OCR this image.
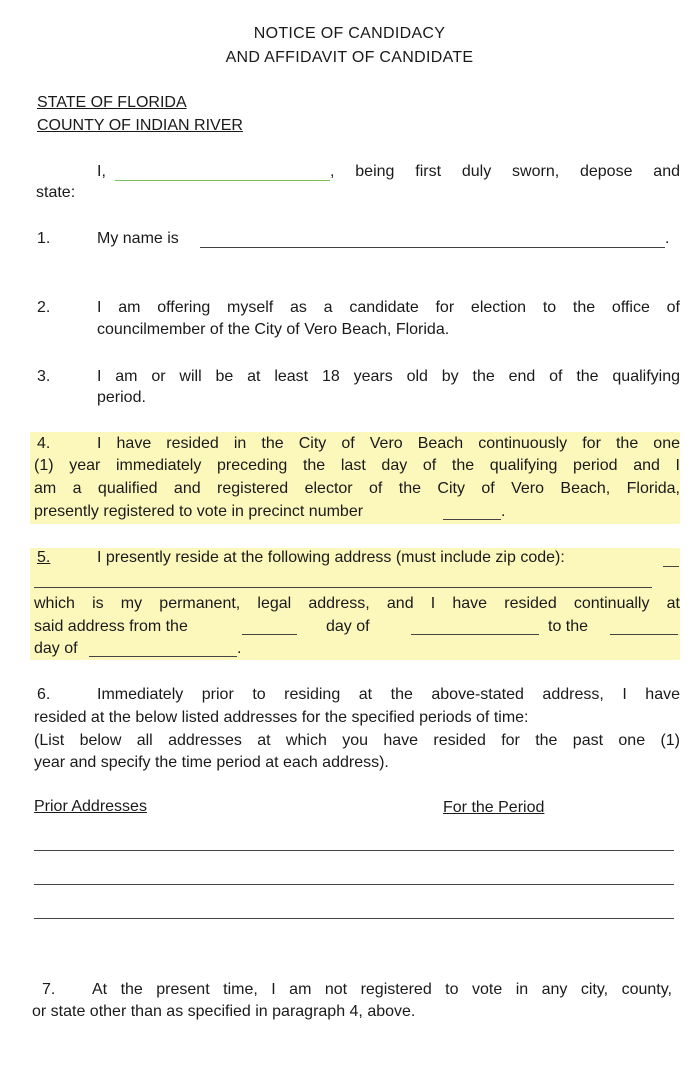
NOTICE OF CANDIDACY
AND AFFIDAVIT OF CANDIDATE
STATE OF FLORIDA
COUNTY OF INDIAN RIVER
I,	, being first duly sworn, depose and
state:
1.	My name is	.
2.	I am offering myself as a candidate for election to the office of
councilmember of the City of Vero Beach, Florida.
3.	I am or will be at least 18 years old by the end of the qualifying
period.
4.	I have resided in the City of Vero Beach continuously for the one
(1) year immediately preceding the last day of the qualifying period and I
am a qualified and registered elector of the City of Vero Beach, Florida,
presently registered to vote in precinct number	.
5.	I presently reside at the following address (must include zip code):
which is my permanent, legal address, and I have resided continually at
said address from the	day of	to the
day of	.
6.	Immediately prior to residing at the above-stated address, I have
resided at the below listed addresses for the specified periods of time:
(List below all addresses at which you have resided for the past one (1)
year and specify the time period at each address).
Prior Addresses	For the Period
7. At the present time, I am not registered to vote in any city, county,
or state other than as specified in paragraph 4, above.
